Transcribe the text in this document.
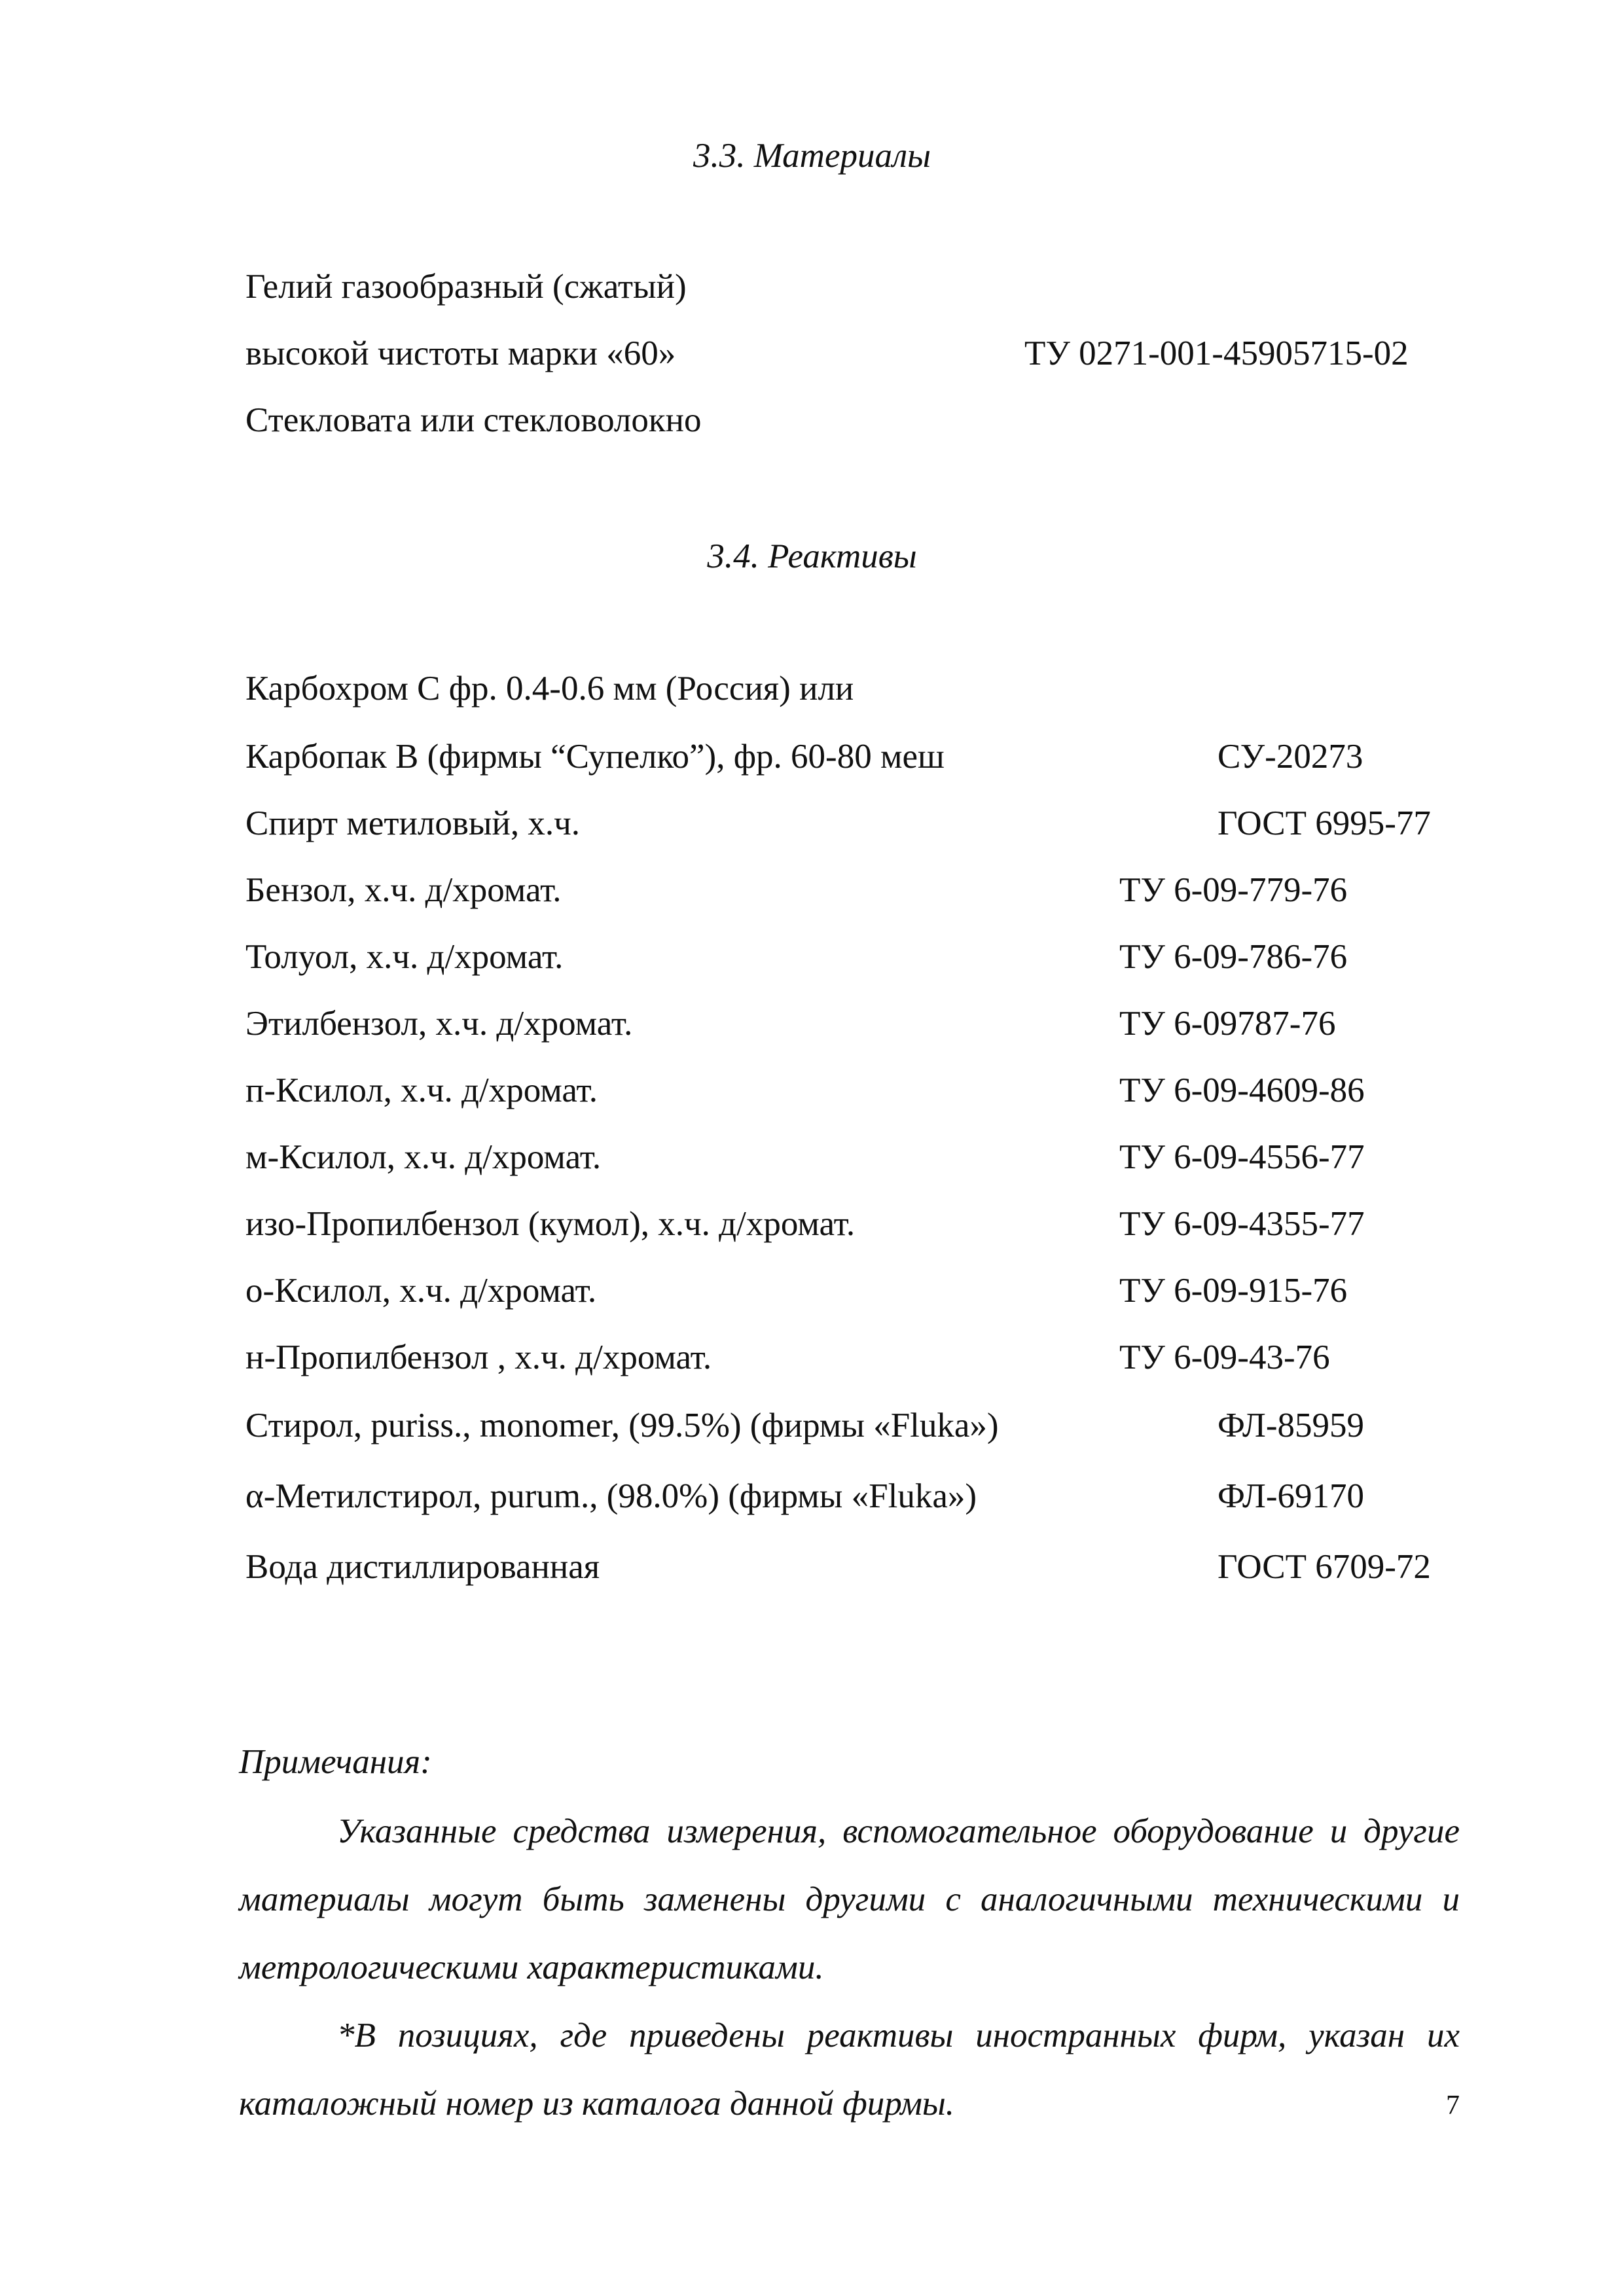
3.3. Материалы
Гелий газообразный (сжатый)
высокой чистоты марки «60»	ТУ 0271-001-45905715-02
Стекловата или стекловолокно
3.4. Реактивы
Карбохром С фр. 0.4-0.6 мм (Россия) или
Карбопак В (фирмы “Супелко”), фр. 60-80 меш	СУ-20273
Спирт метиловый, х.ч.	ГОСТ 6995-77
Бензол, х.ч. д/хромат.	ТУ 6-09-779-76
Толуол, х.ч. д/хромат.	ТУ 6-09-786-76
Этилбензол, х.ч. д/хромат.	ТУ 6-09787-76
п-Ксилол, х.ч. д/хромат.	ТУ 6-09-4609-86
м-Ксилол, х.ч. д/хромат.	ТУ 6-09-4556-77
изо-Пропилбензол (кумол), х.ч. д/хромат.	ТУ 6-09-4355-77
о-Ксилол, х.ч. д/хромат.	ТУ 6-09-915-76
н-Пропилбензол , х.ч. д/хромат.	ТУ 6-09-43-76
Стирол, puriss., monomer, (99.5%) (фирмы «Fluka»)	ФЛ-85959
α-Метилстирол, purum., (98.0%) (фирмы «Fluka»)	ФЛ-69170
Вода дистиллированная	ГОСТ 6709-72
Примечания:
Указанные средства измерения, вспомогательное оборудование и другие материалы могут быть заменены другими с аналогичными техническими и метрологическими характеристиками.
*В позициях, где приведены реактивы иностранных фирм, указан их каталожный номер из каталога данной фирмы.	7
